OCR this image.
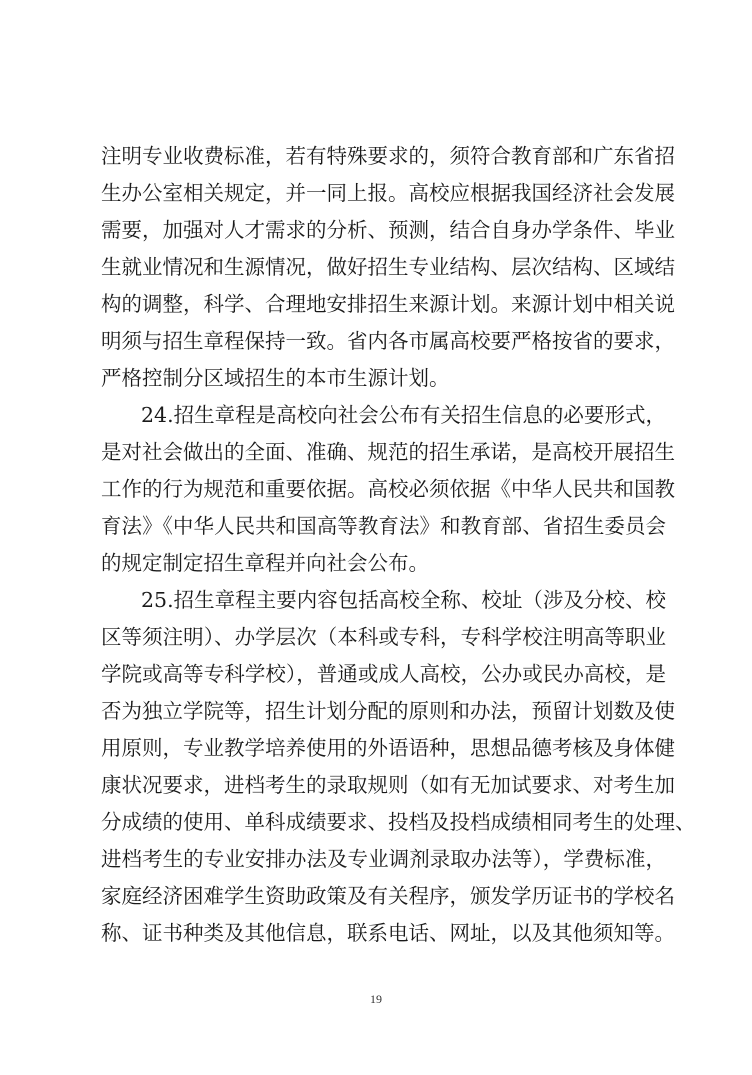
注明专业收费标准，若有特殊要求的，须符合教育部和广东省招
生办公室相关规定，并一同上报。高校应根据我国经济社会发展
需要，加强对人才需求的分析、预测，结合自身办学条件、毕业
生就业情况和生源情况，做好招生专业结构、层次结构、区域结
构的调整，科学、合理地安排招生来源计划。来源计划中相关说
明须与招生章程保持一致。省内各市属高校要严格按省的要求，
严格控制分区域招生的本市生源计划。
24.招生章程是高校向社会公布有关招生信息的必要形式，
是对社会做出的全面、准确、规范的招生承诺，是高校开展招生
工作的行为规范和重要依据。高校必须依据《中华人民共和国教
育法》《中华人民共和国高等教育法》和教育部、省招生委员会
的规定制定招生章程并向社会公布。
25.招生章程主要内容包括高校全称、校址（涉及分校、校
区等须注明）、办学层次（本科或专科，专科学校注明高等职业
学院或高等专科学校），普通或成人高校，公办或民办高校，是
否为独立学院等，招生计划分配的原则和办法，预留计划数及使
用原则，专业教学培养使用的外语语种，思想品德考核及身体健
康状况要求，进档考生的录取规则（如有无加试要求、对考生加
分成绩的使用、单科成绩要求、投档及投档成绩相同考生的处理、
进档考生的专业安排办法及专业调剂录取办法等），学费标准，
家庭经济困难学生资助政策及有关程序，颁发学历证书的学校名
称、证书种类及其他信息，联系电话、网址，以及其他须知等。
19
